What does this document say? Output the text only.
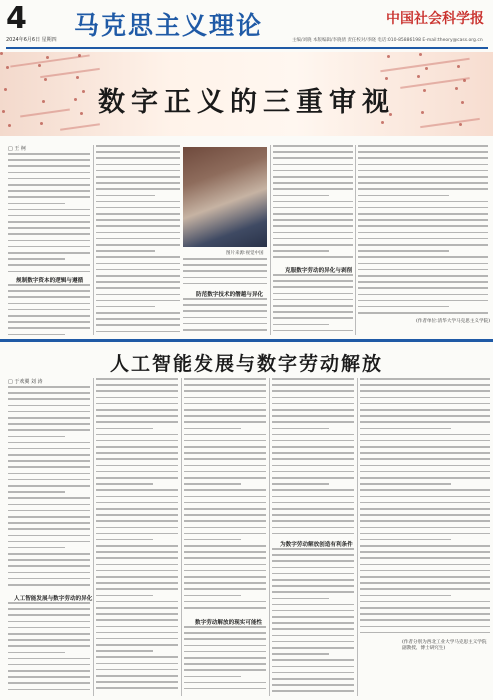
4
2024年6月6日 星期四 马克思主义理论	中国社会科学报
主编/刘晓 本版编辑/李晓倩 责任校对/李晓 电话:010-85886198 E-mail:theory@cass.org.cn
数字正义的三重审视
□ 王 柯
规制数字资本的逻辑与遵循
图片来源:视觉中国
防范数字技术的僭越与异化
克服数字劳动的异化与剥削
(作者单位:清华大学马克思主义学院)
人工智能发展与数字劳动解放
□ 于欢翼 刘 涛
人工智能发展与数字劳动的异化
数字劳动解放的现实可能性
为数字劳动解放创造有利条件
(作者分别为西北工业大学马克思主义学院副教授、博士研究生)
